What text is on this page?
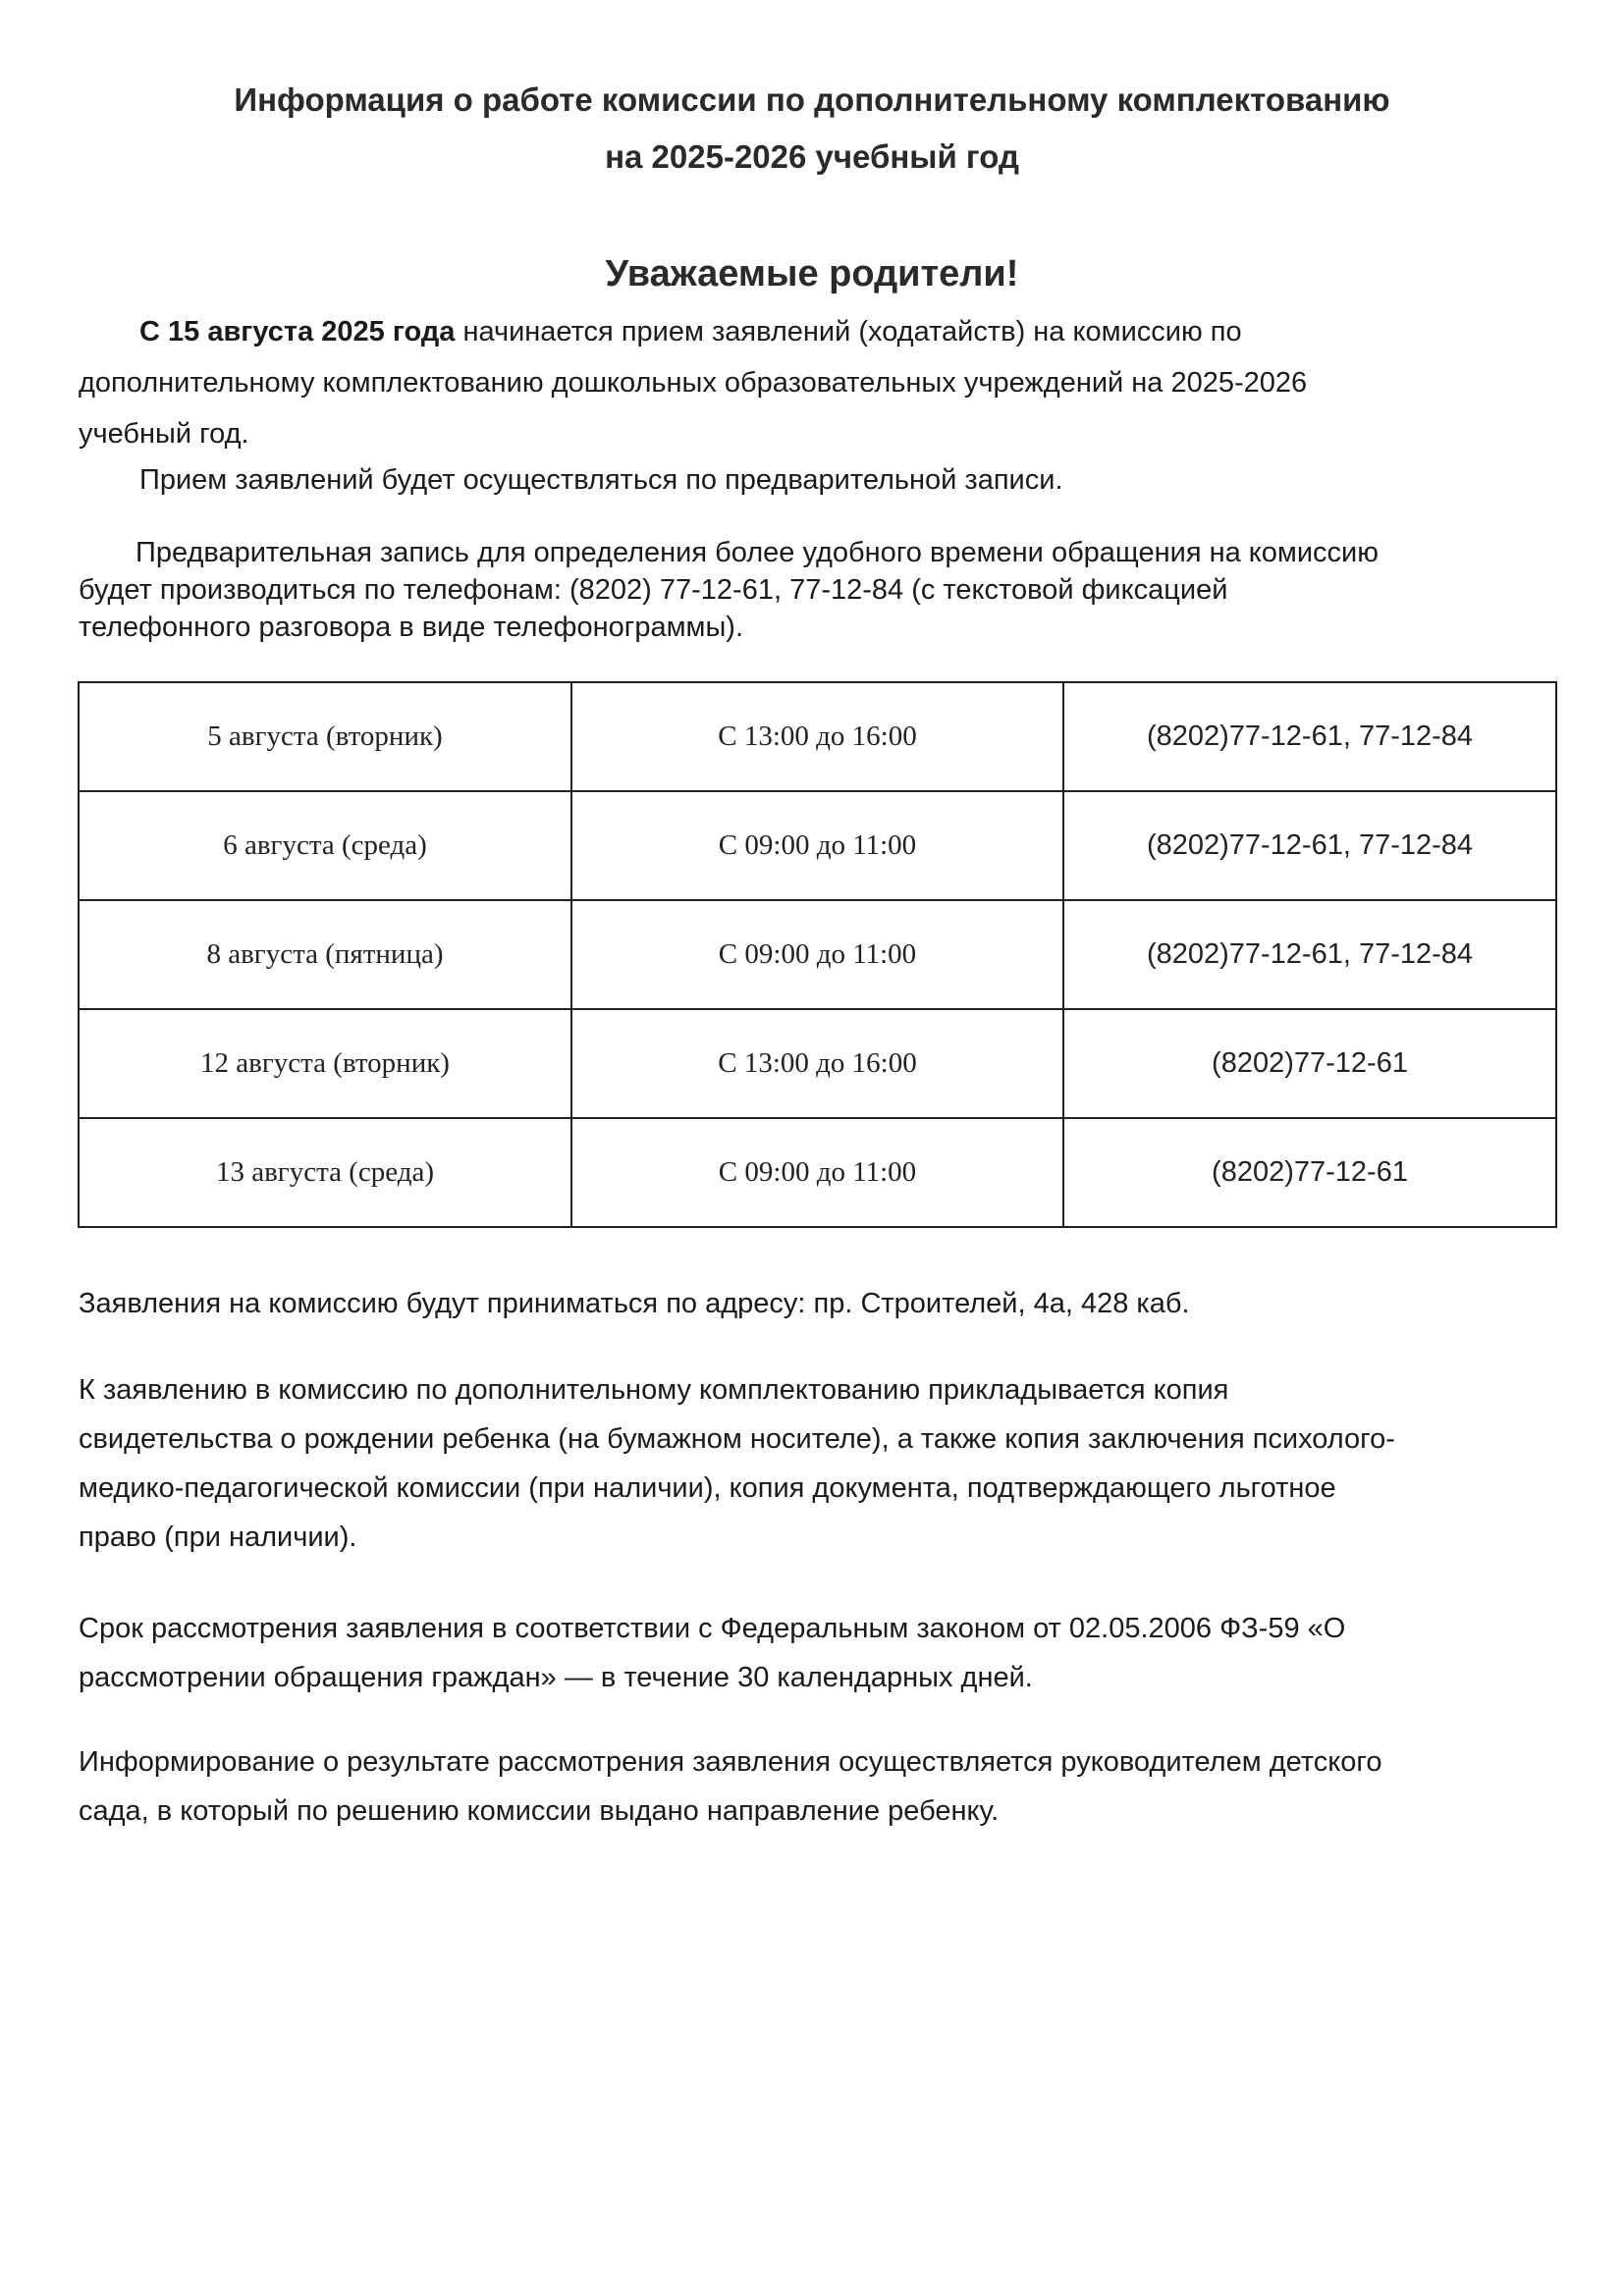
Информация о работе комиссии по дополнительному комплектованию
на 2025-2026 учебный год
Уважаемые родители!
С 15 августа 2025 года начинается прием заявлений (ходатайств) на комиссию по
дополнительному комплектованию дошкольных образовательных учреждений на 2025-2026
учебный год.
Прием заявлений будет осуществляться по предварительной записи.
Предварительная запись для определения более удобного времени обращения на комиссию
будет производиться по телефонам: (8202) 77-12-61, 77-12-84 (с текстовой фиксацией
телефонного разговора в виде телефонограммы).
5 августа (вторник)	С 13:00 до 16:00	(8202)77-12-61, 77-12-84
6 августа (среда)	С 09:00 до 11:00	(8202)77-12-61, 77-12-84
8 августа (пятница)	С 09:00 до 11:00	(8202)77-12-61, 77-12-84
12 августа (вторник)	С 13:00 до 16:00	(8202)77-12-61
13 августа (среда)	С 09:00 до 11:00	(8202)77-12-61
Заявления на комиссию будут приниматься по адресу: пр. Строителей, 4а, 428 каб.
К заявлению в комиссию по дополнительному комплектованию прикладывается копия
свидетельства о рождении ребенка (на бумажном носителе), а также копия заключения психолого-
медико-педагогической комиссии (при наличии), копия документа, подтверждающего льготное
право (при наличии).
Срок рассмотрения заявления в соответствии с Федеральным законом от 02.05.2006 ФЗ-59 «О
рассмотрении обращения граждан» — в течение 30 календарных дней.
Информирование о результате рассмотрения заявления осуществляется руководителем детского
сада, в который по решению комиссии выдано направление ребенку.
